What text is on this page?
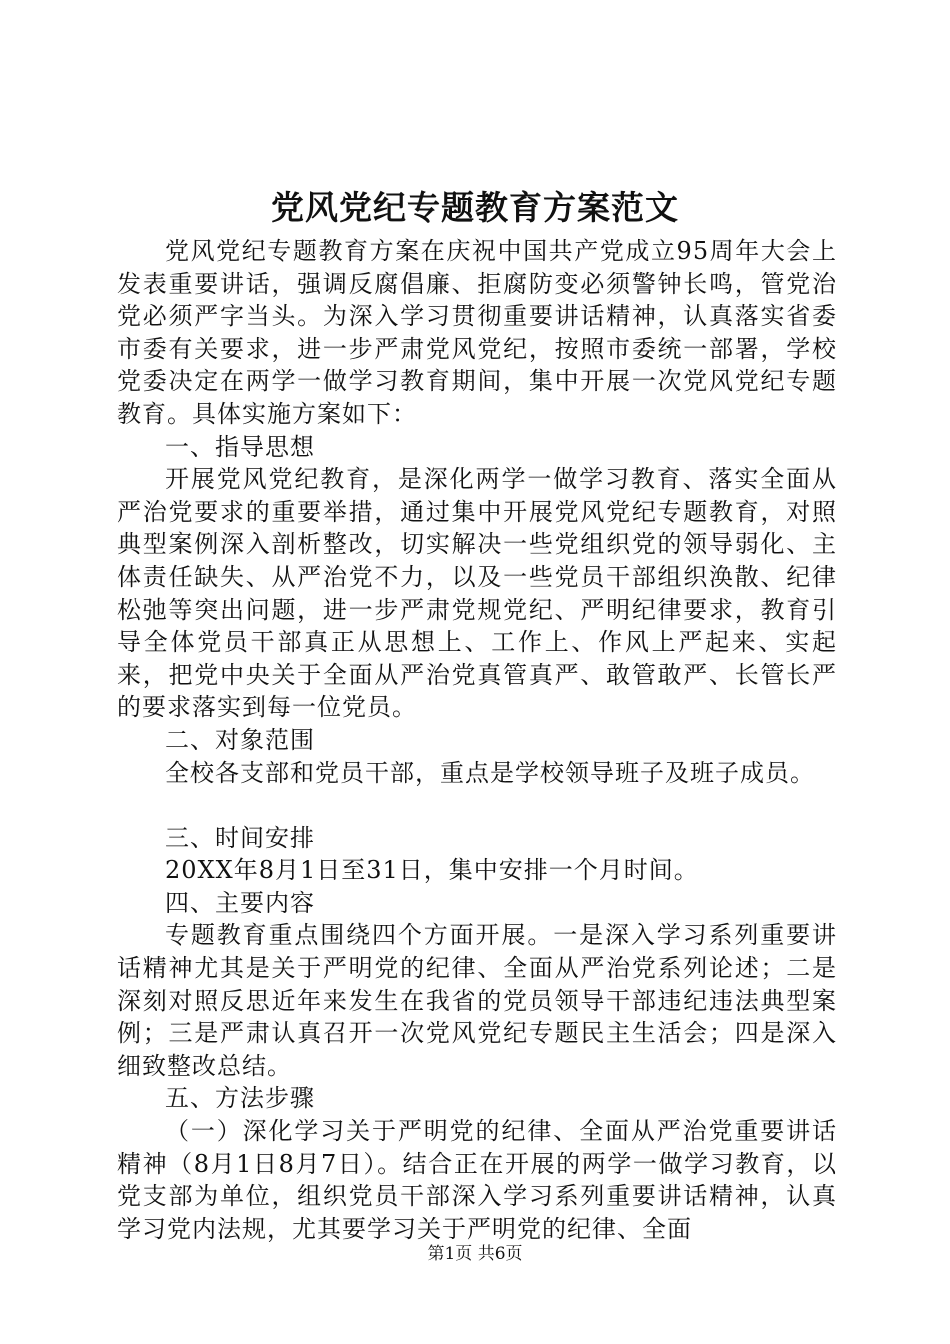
党风党纪专题教育方案范文

党风党纪专题教育方案在庆祝中国共产党成立95周年大会上发表重要讲话，强调反腐倡廉、拒腐防变必须警钟长鸣，管党治党必须严字当头。为深入学习贯彻重要讲话精神，认真落实省委市委有关要求，进一步严肃党风党纪，按照市委统一部署，学校党委决定在两学一做学习教育期间，集中开展一次党风党纪专题教育。具体实施方案如下：

一、指导思想

开展党风党纪教育，是深化两学一做学习教育、落实全面从严治党要求的重要举措，通过集中开展党风党纪专题教育，对照典型案例深入剖析整改，切实解决一些党组织党的领导弱化、主体责任缺失、从严治党不力，以及一些党员干部组织涣散、纪律松弛等突出问题，进一步严肃党规党纪、严明纪律要求，教育引导全体党员干部真正从思想上、工作上、作风上严起来、实起来，把党中央关于全面从严治党真管真严、敢管敢严、长管长严的要求落实到每一位党员。

二、对象范围

全校各支部和党员干部，重点是学校领导班子及班子成员。

三、时间安排

20XX年8月1日至31日，集中安排一个月时间。

四、主要内容

专题教育重点围绕四个方面开展。一是深入学习系列重要讲话精神尤其是关于严明党的纪律、全面从严治党系列论述；二是深刻对照反思近年来发生在我省的党员领导干部违纪违法典型案例；三是严肃认真召开一次党风党纪专题民主生活会；四是深入细致整改总结。

五、方法步骤

（一）深化学习关于严明党的纪律、全面从严治党重要讲话精神（8月1日8月7日）。结合正在开展的两学一做学习教育，以党支部为单位，组织党员干部深入学习系列重要讲话精神，认真学习党内法规，尤其要学习关于严明党的纪律、全面

第1页 共6页
